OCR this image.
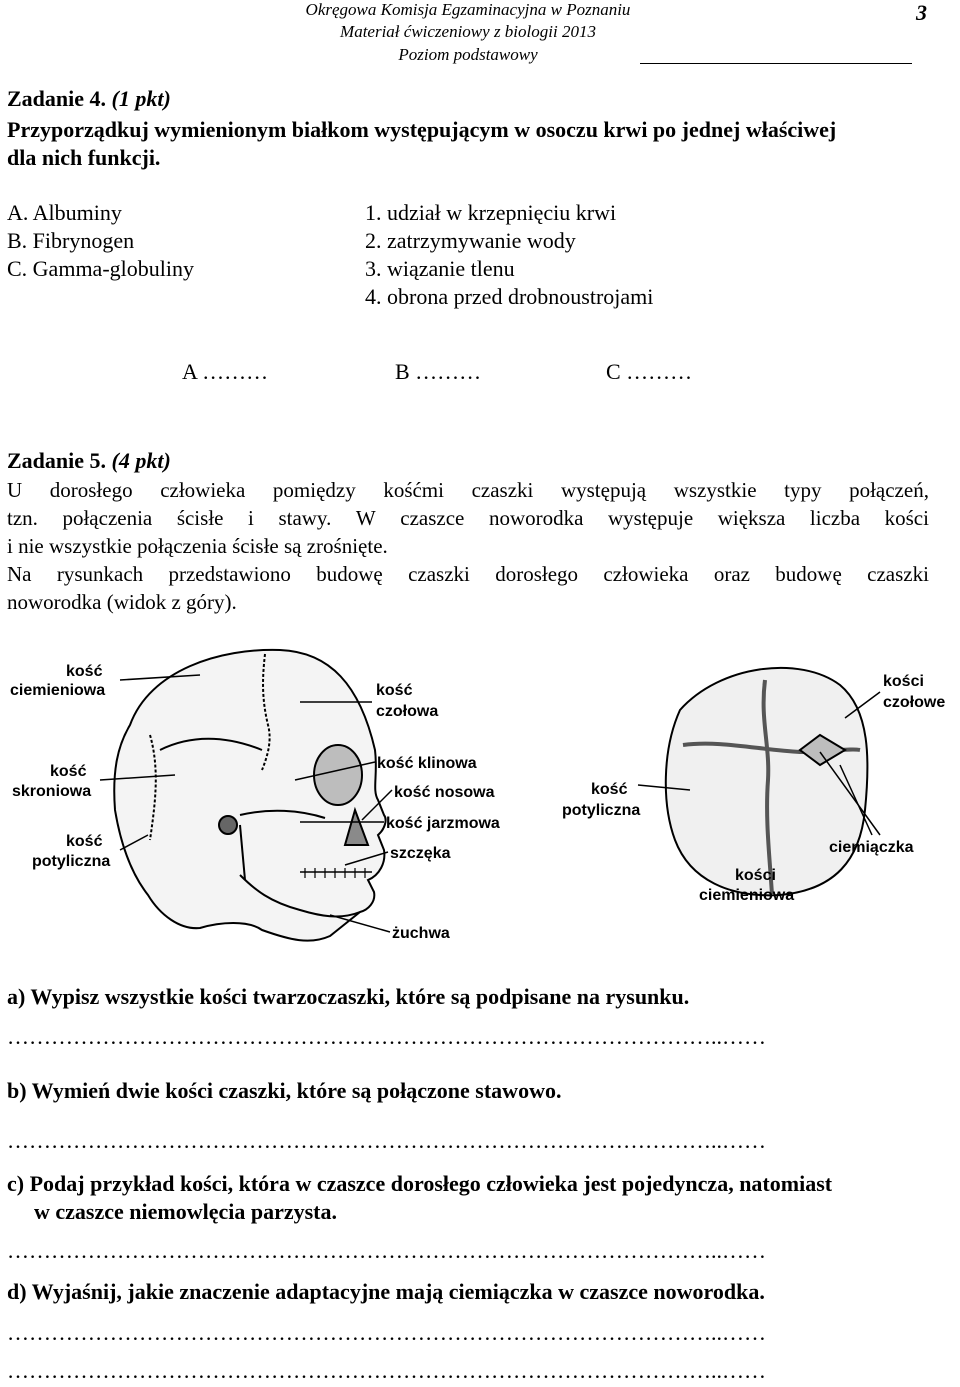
Okręgowa Komisja Egzaminacyjna w Poznaniu
Materiał ćwiczeniowy z biologii 2013
Poziom podstawowy
3
Zadanie 4. (1 pkt)
Przyporządkuj wymienionym białkom występującym w osoczu krwi po jednej właściwej
dla nich funkcji.
A. Albuminy
B. Fibrynogen
C. Gamma-globuliny
1. udział w krzepnięciu krwi
2. zatrzymywanie wody
3. wiązanie tlenu
4. obrona przed drobnoustrojami
A ………	B ………	C ………
Zadanie 5. (4 pkt)
U dorosłego człowieka pomiędzy kośćmi czaszki występują wszystkie typy połączeń,
tzn. połączenia ścisłe i stawy. W czaszce noworodka występuje większa liczba kości
i nie wszystkie połączenia ścisłe są zrośnięte.
Na rysunkach przedstawiono budowę czaszki dorosłego człowieka oraz budowę czaszki
noworodka (widok z góry).
kość
ciemieniowa	kość
czołowa
kość
skroniowa
kość
potyliczna
kość klinowa
kość nosowa
kość jarzmowa
szczęka
żuchwa
kości
czołowe
kość
potyliczna
kości
ciemieniowa
ciemiączka
a) Wypisz wszystkie kości twarzoczaszki, które są podpisane na rysunku.
……………………………………………………………………………………..……
b) Wymień dwie kości czaszki, które są połączone stawowo.
……………………………………………………………………………………..……
c) Podaj przykład kości, która w czaszce dorosłego człowieka jest pojedyncza, natomiast
w czaszce niemowlęcia parzysta.
……………………………………………………………………………………..……
d) Wyjaśnij, jakie znaczenie adaptacyjne mają ciemiączka w czaszce noworodka.
……………………………………………………………………………………..……
……………………………………………………………………………………..……
